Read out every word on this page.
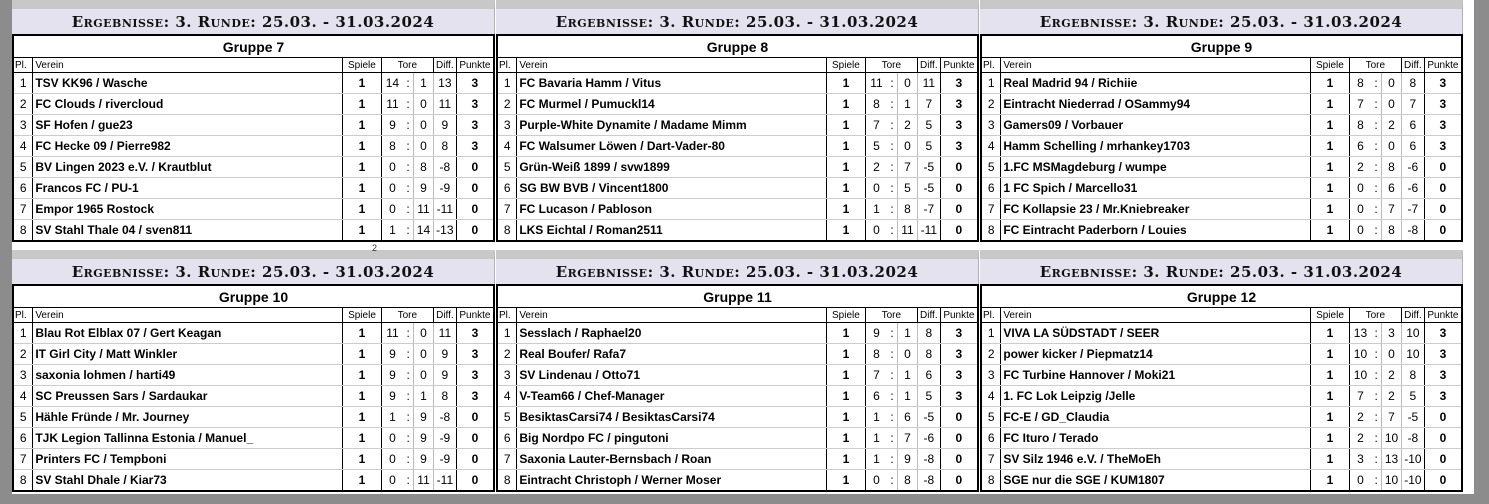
Ergebnisse: 3. Runde: 25.03. - 31.03.2024
Gruppe 7							
Pl.	Verein	Spiele	Tore			Diff.	Punkte
1	TSV KK96 / Wasche	1	14	:	1	13	3
2	FC Clouds / rivercloud	1	11	:	0	11	3
3	SF Hofen / gue23	1	9	:	0	9	3
4	FC Hecke 09 / Pierre982	1	8	:	0	8	3
5	BV Lingen 2023 e.V. / Krautblut	1	0	:	8	-8	0
6	Francos FC / PU-1	1	0	:	9	-9	0
7	Empor 1965 Rostock	1	0	:	11	-11	0
8	SV Stahl Thale 04 / sven811	1	1	:	14	-13	0
Ergebnisse: 3. Runde: 25.03. - 31.03.2024
Gruppe 8							
Pl.	Verein	Spiele	Tore			Diff.	Punkte
1	FC Bavaria Hamm / Vitus	1	11	:	0	11	3
2	FC Murmel / Pumuckl14	1	8	:	1	7	3
3	Purple-White Dynamite / Madame Mimm	1	7	:	2	5	3
4	FC Walsumer Löwen / Dart-Vader-80	1	5	:	0	5	3
5	Grün-Weiß 1899 / svw1899	1	2	:	7	-5	0
6	SG BW BVB / Vincent1800	1	0	:	5	-5	0
7	FC Lucason / Pabloson	1	1	:	8	-7	0
8	LKS Eichtal / Roman2511	1	0	:	11	-11	0
Ergebnisse: 3. Runde: 25.03. - 31.03.2024
Gruppe 9							
Pl.	Verein	Spiele	Tore			Diff.	Punkte
1	Real Madrid 94 / Richiie	1	8	:	0	8	3
2	Eintracht Niederrad / OSammy94	1	7	:	0	7	3
3	Gamers09 / Vorbauer	1	8	:	2	6	3
4	Hamm Schelling / mrhankey1703	1	6	:	0	6	3
5	1.FC MSMagdeburg / wumpe	1	2	:	8	-6	0
6	1 FC Spich / Marcello31	1	0	:	6	-6	0
7	FC Kollapsie 23 / Mr.Kniebreaker	1	0	:	7	-7	0
8	FC Eintracht Paderborn / Louies	1	0	:	8	-8	0
Ergebnisse: 3. Runde: 25.03. - 31.03.2024
Gruppe 10							
Pl.	Verein	Spiele	Tore			Diff.	Punkte
1	Blau Rot Elblax 07 / Gert Keagan	1	11	:	0	11	3
2	IT Girl City / Matt Winkler	1	9	:	0	9	3
3	saxonia lohmen / harti49	1	9	:	0	9	3
4	SC Preussen Sars / Sardaukar	1	9	:	1	8	3
5	Hähle Fründe / Mr. Journey	1	1	:	9	-8	0
6	TJK Legion Tallinna Estonia / Manuel_	1	0	:	9	-9	0
7	Printers FC / Tempboni	1	0	:	9	-9	0
8	SV Stahl Dhale / Kiar73	1	0	:	11	-11	0
Ergebnisse: 3. Runde: 25.03. - 31.03.2024
Gruppe 11							
Pl.	Verein	Spiele	Tore			Diff.	Punkte
1	Sesslach / Raphael20	1	9	:	1	8	3
2	Real Boufer/ Rafa7	1	8	:	0	8	3
3	SV Lindenau / Otto71	1	7	:	1	6	3
4	V-Team66 / Chef-Manager	1	6	:	1	5	3
5	BesiktasCarsi74 / BesiktasCarsi74	1	1	:	6	-5	0
6	Big Nordpo FC / pingutoni	1	1	:	7	-6	0
7	Saxonia Lauter-Bernsbach / Roan	1	1	:	9	-8	0
8	Eintracht Christoph / Werner Moser	1	0	:	8	-8	0
Ergebnisse: 3. Runde: 25.03. - 31.03.2024
Gruppe 12							
Pl.	Verein	Spiele	Tore			Diff.	Punkte
1	VIVA LA SÜDSTADT / SEER	1	13	:	3	10	3
2	power kicker / Piepmatz14	1	10	:	0	10	3
3	FC Turbine Hannover / Moki21	1	10	:	2	8	3
4	1. FC Lok Leipzig /Jelle	1	7	:	2	5	3
5	FC-E / GD_Claudia	1	2	:	7	-5	0
6	FC Ituro / Terado	1	2	:	10	-8	0
7	SV Silz 1946 e.V. / TheMoEh	1	3	:	13	-10	0
8	SGE nur die SGE / KUM1807	1	0	:	10	-10	0
2
